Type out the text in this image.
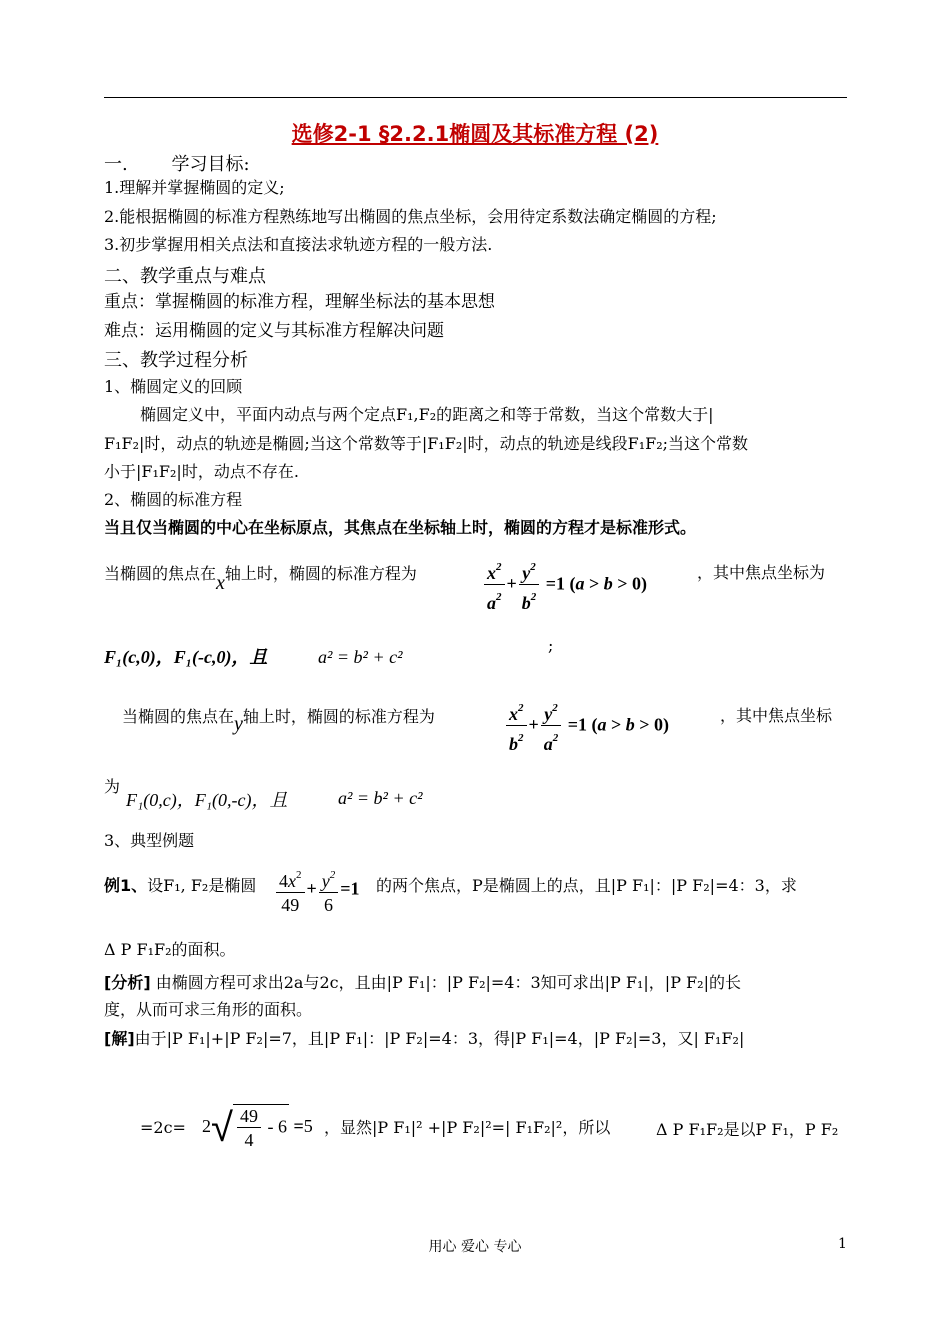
选修2-1 §2.2.1椭圆及其标准方程 (2)
一. 学习目标:
1.理解并掌握椭圆的定义;
2.能根据椭圆的标准方程熟练地写出椭圆的焦点坐标，会用待定系数法确定椭圆的方程;
3.初步掌握用相关点法和直接法求轨迹方程的一般方法.
二、教学重点与难点
重点：掌握椭圆的标准方程，理解坐标法的基本思想
难点：运用椭圆的定义与其标准方程解决问题
三、教学过程分析
1、椭圆定义的回顾
椭圆定义中，平面内动点与两个定点F₁,F₂的距离之和等于常数，当这个常数大于|
F₁F₂|时，动点的轨迹是椭圆;当这个常数等于|F₁F₂|时，动点的轨迹是线段F₁F₂;当这个常数
小于|F₁F₂|时，动点不存在.
2、椭圆的标准方程
当且仅当椭圆的中心在坐标原点，其焦点在坐标轴上时，椭圆的方程才是标准形式。
当椭圆的焦点在x轴上时，椭圆的标准方程为	$\frac{x^2}{a^2} + \frac{y^2}{b^2} =1$ (a > b > 0)
，其中焦点坐标为
F₁(c,0)，F₁(-c,0)，且	a² = b² + c²
;
当椭圆的焦点在y轴上时，椭圆的标准方程为	$\frac{x^2}{b^2} + \frac{y^2}{a^2} =1$ (a > b > 0)	，其中焦点坐标
为
F₁(0,c)，F₁(0,-c)，且	a² = b² + c²
3、典型例题
例1、设F₁, F₂是椭圆 $\frac{4x^2}{49} + \frac{y^2}{6} =1$ 的两个焦点，P是椭圆上的点，且|P F₁|：|P F₂|=4：3，求
Δ P F₁F₂的面积。
[分析] 由椭圆方程可求出2a与2c，且由|P F₁|：|P F₂|=4：3知可求出|P F₁|，|P F₂|的长
度，从而可求三角形的面积。
[解]由于|P F₁|+|P F₂|=7，且|P F₁|：|P F₂|=4：3，得|P F₁|=4，|P F₂|=3，又| F₁F₂|
$=2c= 2√ \frac{49}{4} - 6 =5$ ，显然|P F₁|² +|P F₂|²=| F₁F₂|²，所以	Δ P F₁F₂是以P F₁，P F₂
用心 爱心 专心	1
